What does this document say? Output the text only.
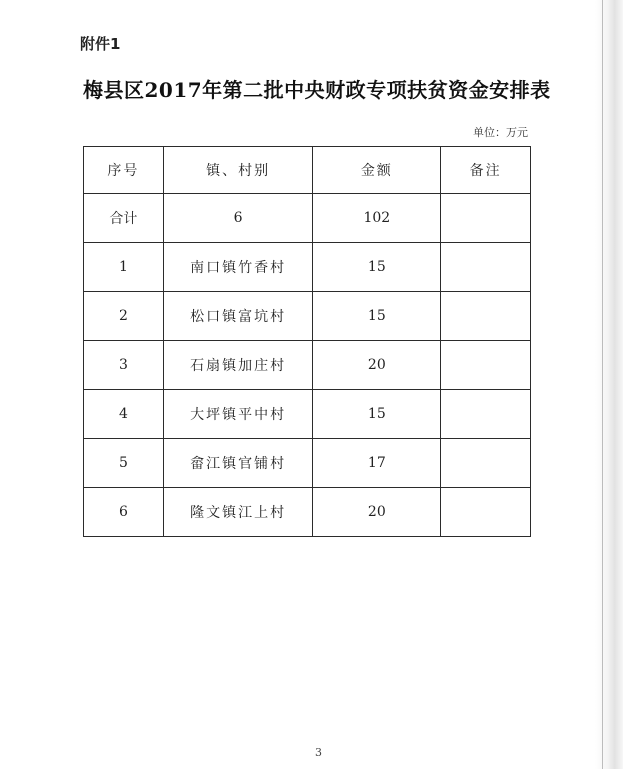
附件1
梅县区2017年第二批中央财政专项扶贫资金安排表
单位：万元
序号	镇、村别	金额	备注
合计	6	102	
1	南口镇竹香村	15	
2	松口镇富坑村	15	
3	石扇镇加庄村	20	
4	大坪镇平中村	15	
5	畲江镇官铺村	17	
6	隆文镇江上村	20	
3
